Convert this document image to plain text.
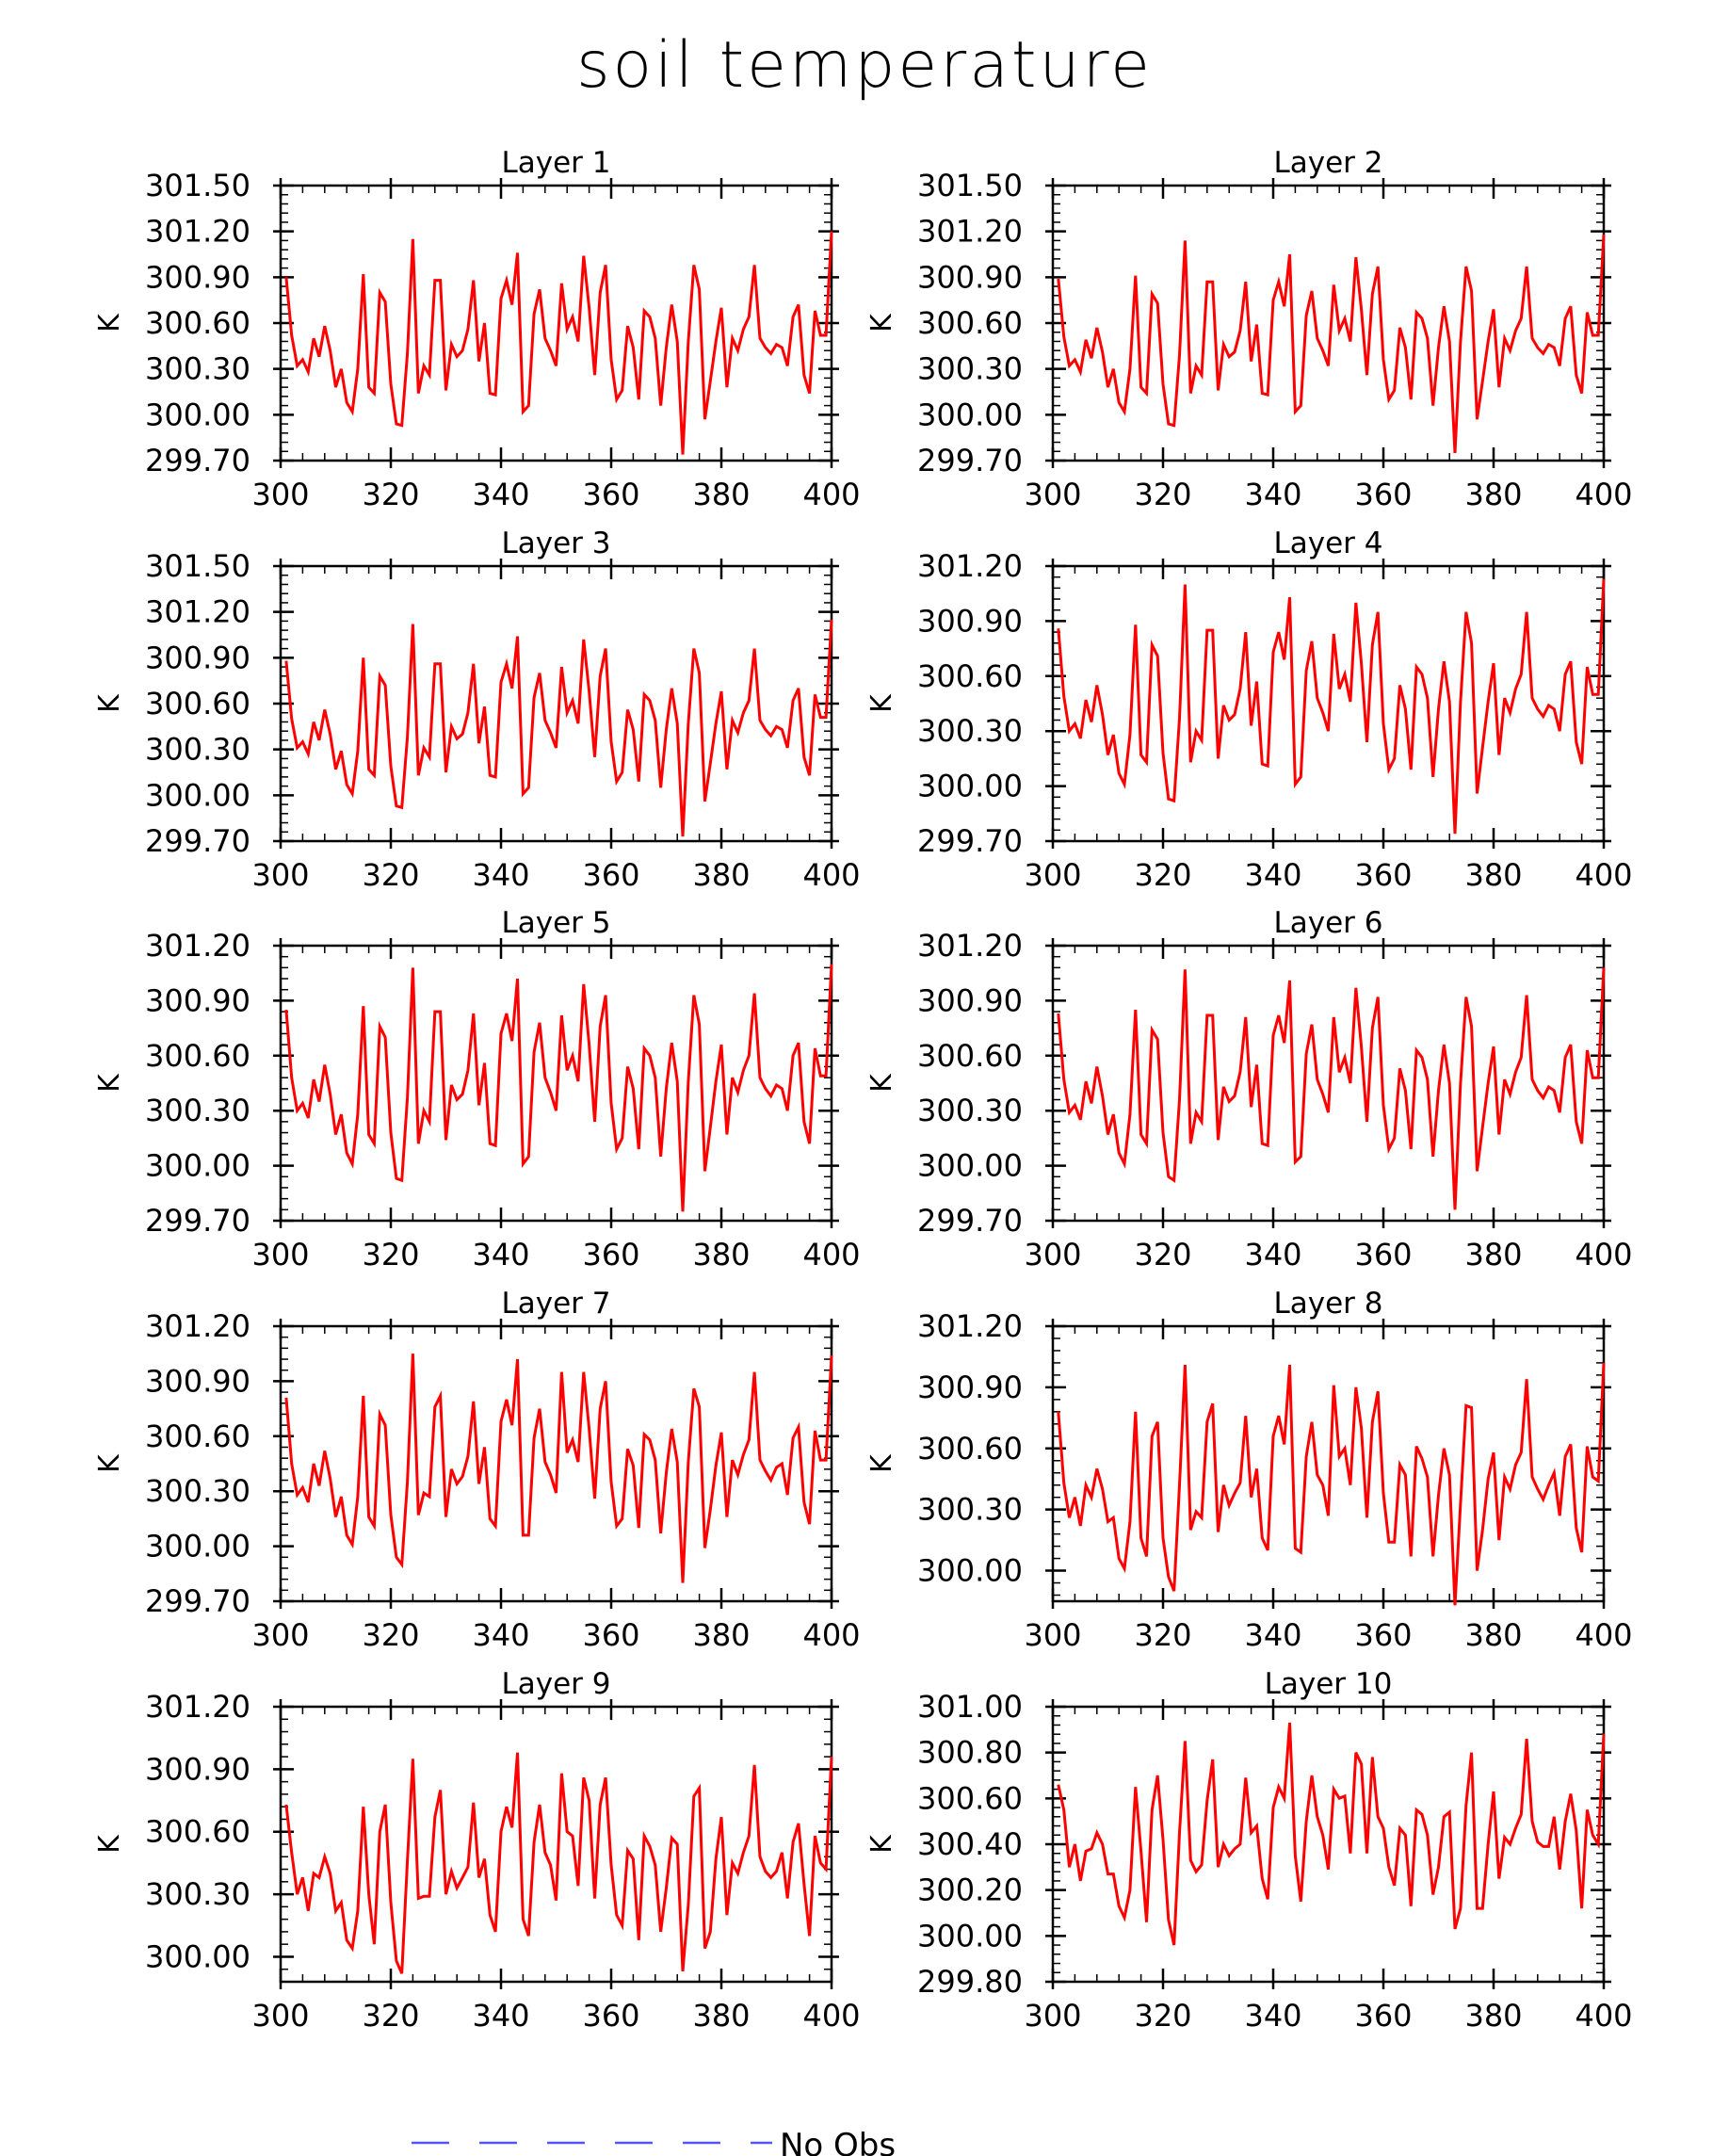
soil temperature
Layer 1
K
300 320 340 360 380 400
299.70
300.00
300.30
300.60
300.90
301.20
301.50
Layer 2
K
300 320 340 360 380 400
299.70
300.00
300.30
300.60
300.90
301.20
301.50
Layer 3
K
300 320 340 360 380 400
299.70
300.00
300.30
300.60
300.90
301.20
301.50
Layer 4
K
300 320 340 360 380 400
299.70
300.00
300.30
300.60
300.90
301.20
Layer 5
K
300 320 340 360 380 400
299.70
300.00
300.30
300.60
300.90
301.20
Layer 6
K
300 320 340 360 380 400
299.70
300.00
300.30
300.60
300.90
301.20
Layer 7
K
300 320 340 360 380 400
299.70
300.00
300.30
300.60
300.90
301.20
Layer 8
K
300 320 340 360 380 400
300.00
300.30
300.60
300.90
301.20
Layer 9
K
300 320 340 360 380 400
300.00
300.30
300.60
300.90
301.20
Layer 10
K
300 320 340 360 380 400
299.80
300.00
300.20
300.40
300.60
300.80
301.00
No Obs
